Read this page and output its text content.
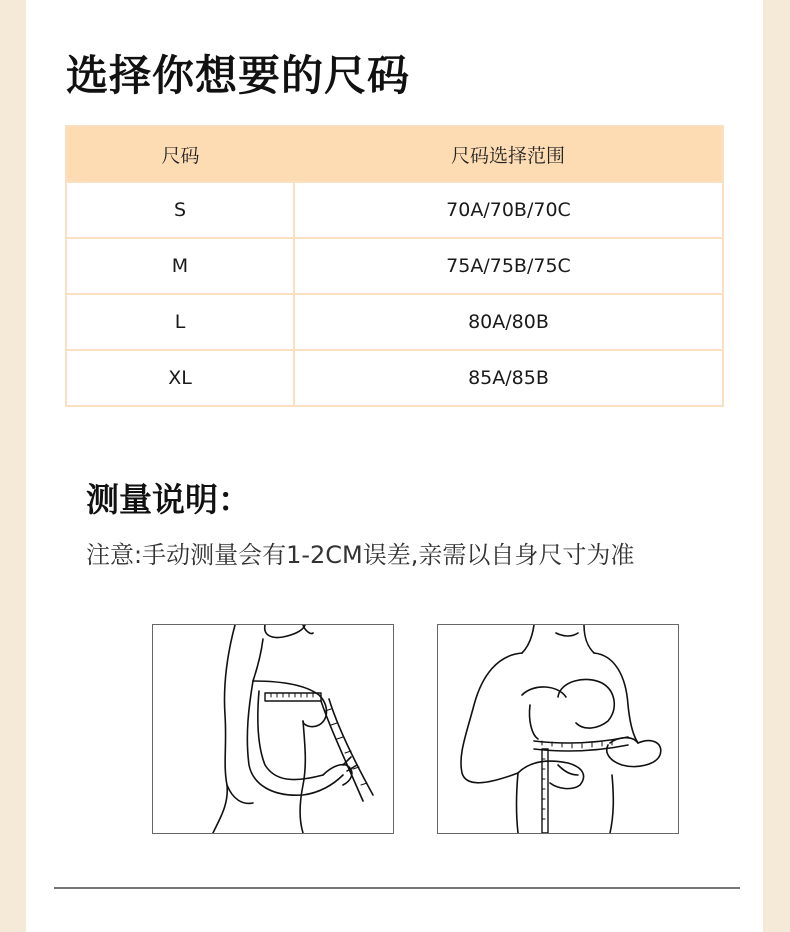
选择你想要的尺码
尺码	尺码选择范围
S	70A/70B/70C
M	75A/75B/75C
L	80A/80B
XL	85A/85B
测量说明：
注意:手动测量会有1-2CM误差,亲需以自身尺寸为准
